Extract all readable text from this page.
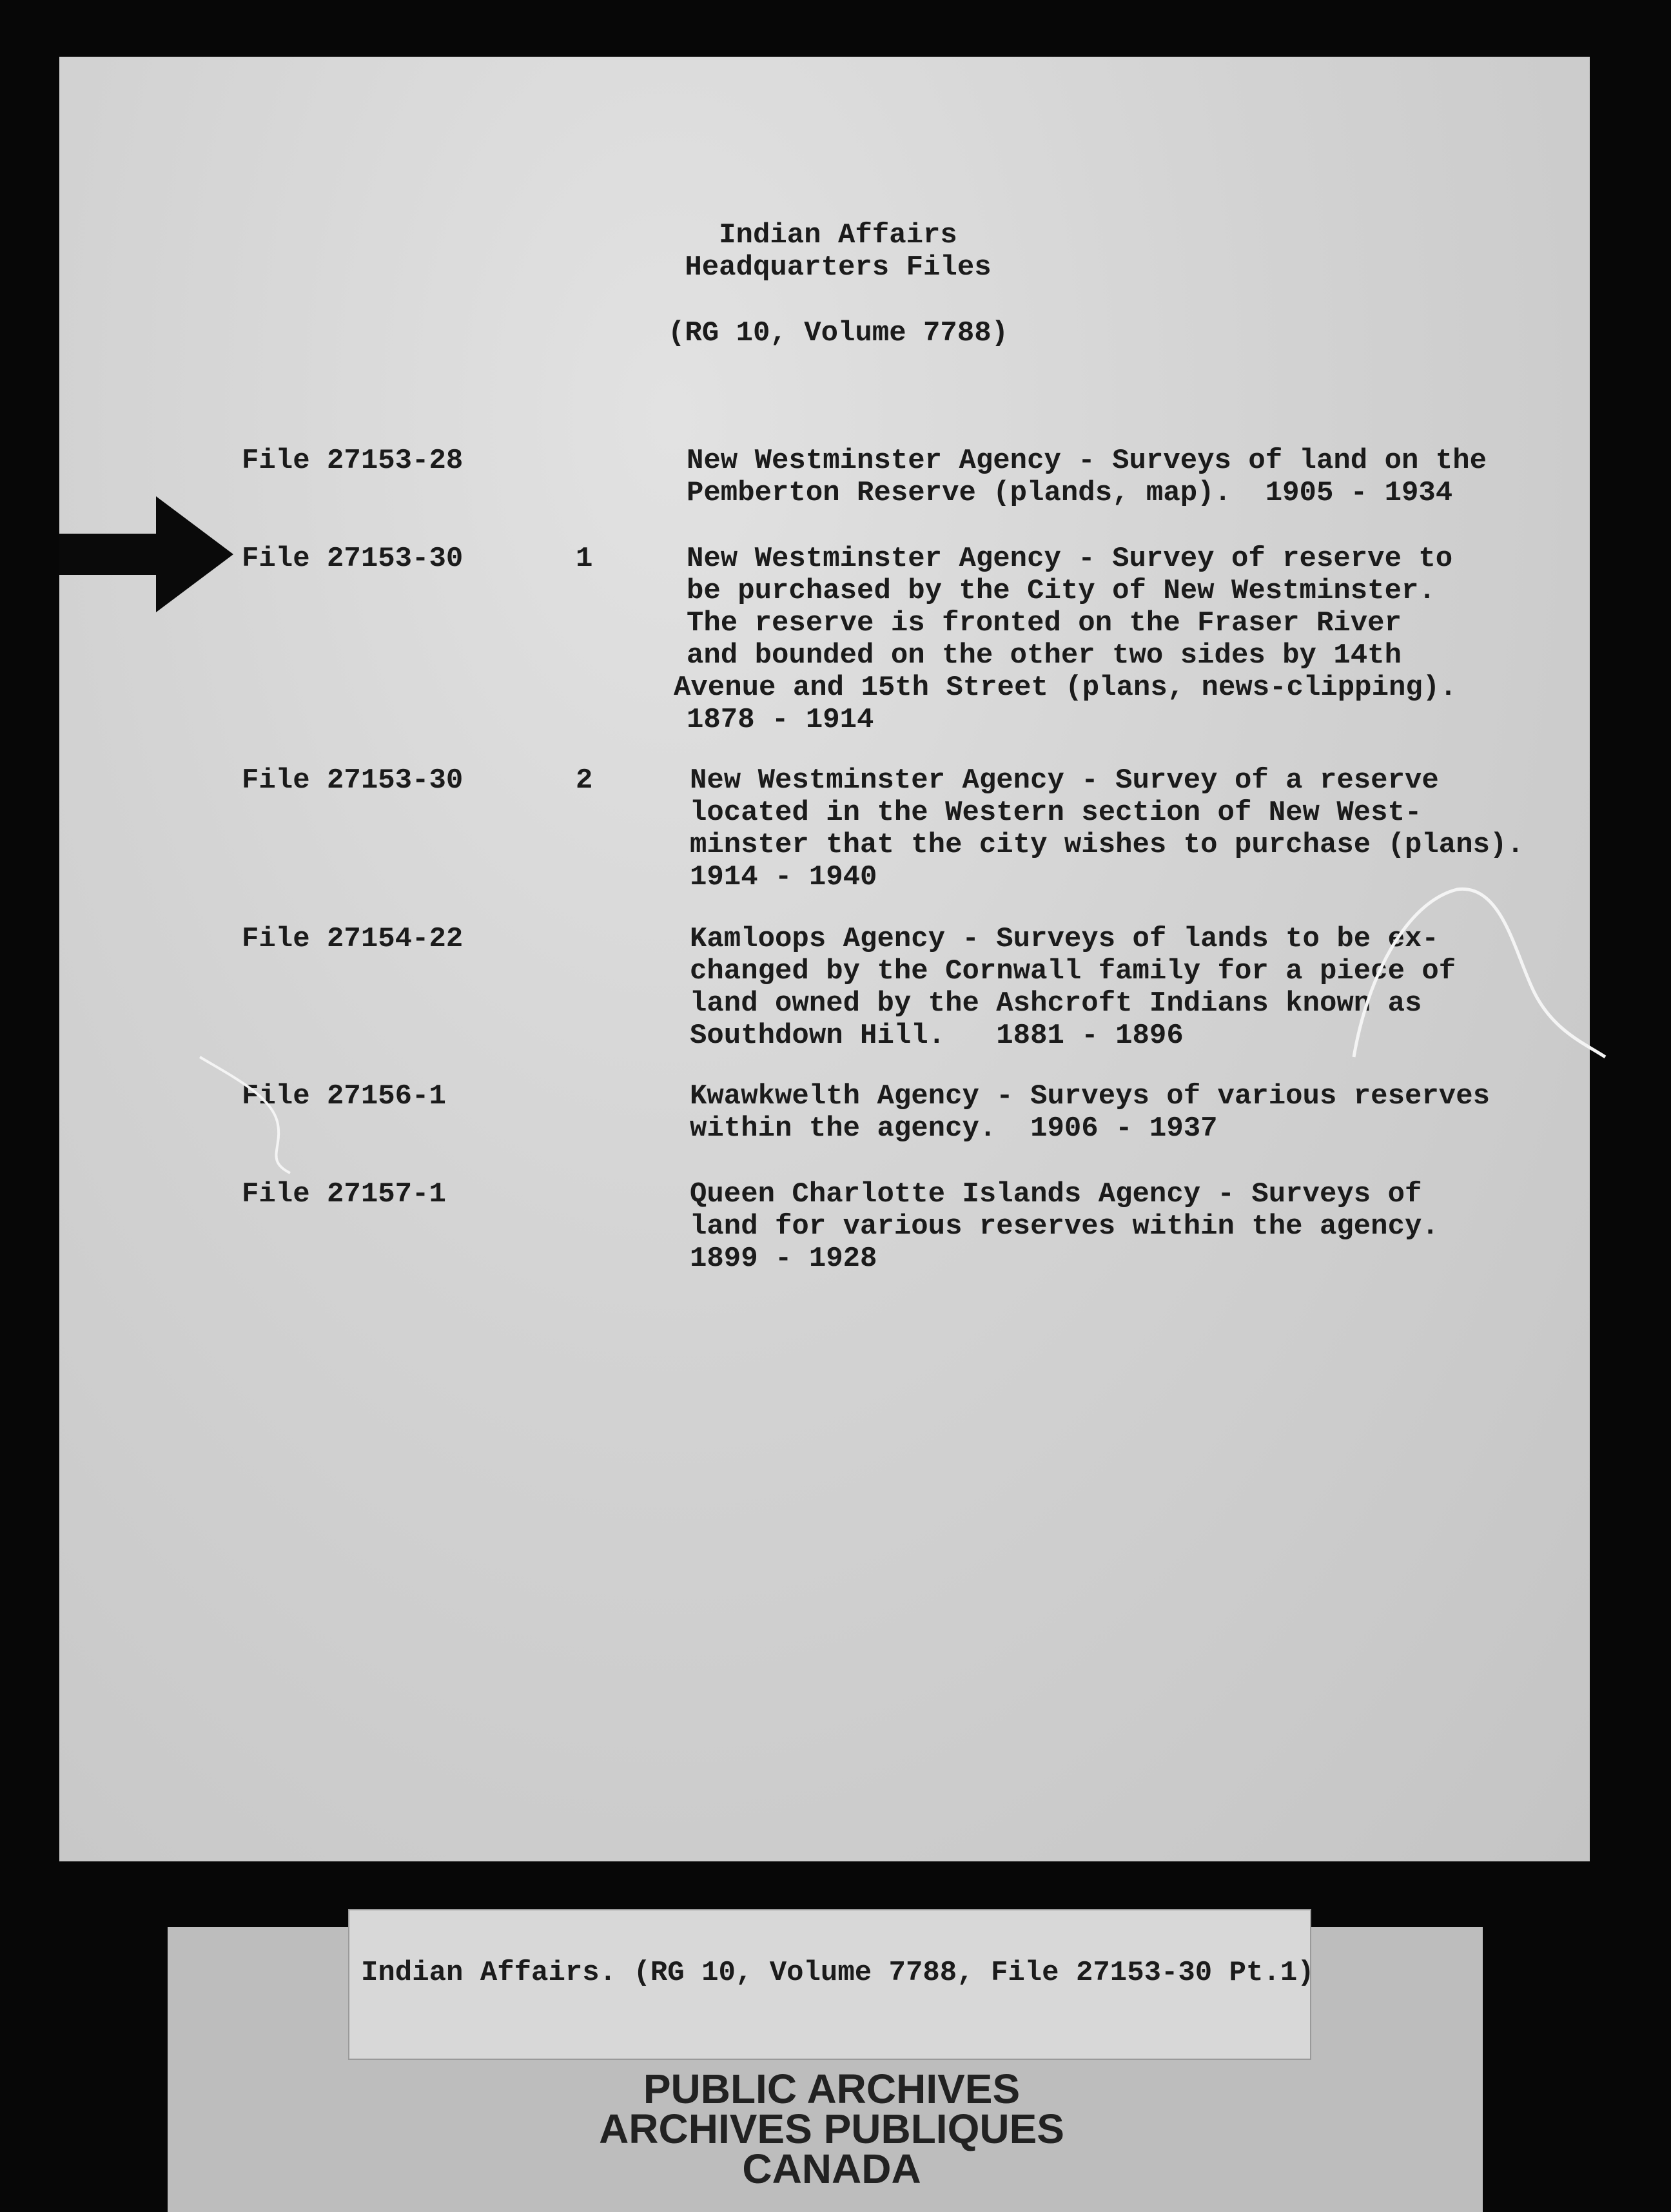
Indian Affairs
Headquarters Files
(RG 10, Volume 7788)
File 27153-28	New Westminster Agency - Surveys of land on the
Pemberton Reserve (plands, map).  1905 - 1934
File 27153-30	1	New Westminster Agency - Survey of reserve to
be purchased by the City of New Westminster.
The reserve is fronted on the Fraser River
and bounded on the other two sides by 14th
Avenue and 15th Street (plans, news-clipping).
1878 - 1914
File 27153-30	2	New Westminster Agency - Survey of a reserve
located in the Western section of New West-
minster that the city wishes to purchase (plans).
1914 - 1940
File 27154-22	Kamloops Agency - Surveys of lands to be ex-
changed by the Cornwall family for a piece of
land owned by the Ashcroft Indians known as
Southdown Hill.   1881 - 1896
File 27156-1	Kwawkwelth Agency - Surveys of various reserves
within the agency.  1906 - 1937
File 27157-1	Queen Charlotte Islands Agency - Surveys of
land for various reserves within the agency.
1899 - 1928
Indian Affairs. (RG 10, Volume 7788, File 27153-30 Pt.1)
PUBLIC ARCHIVES
ARCHIVES PUBLIQUES
CANADA
